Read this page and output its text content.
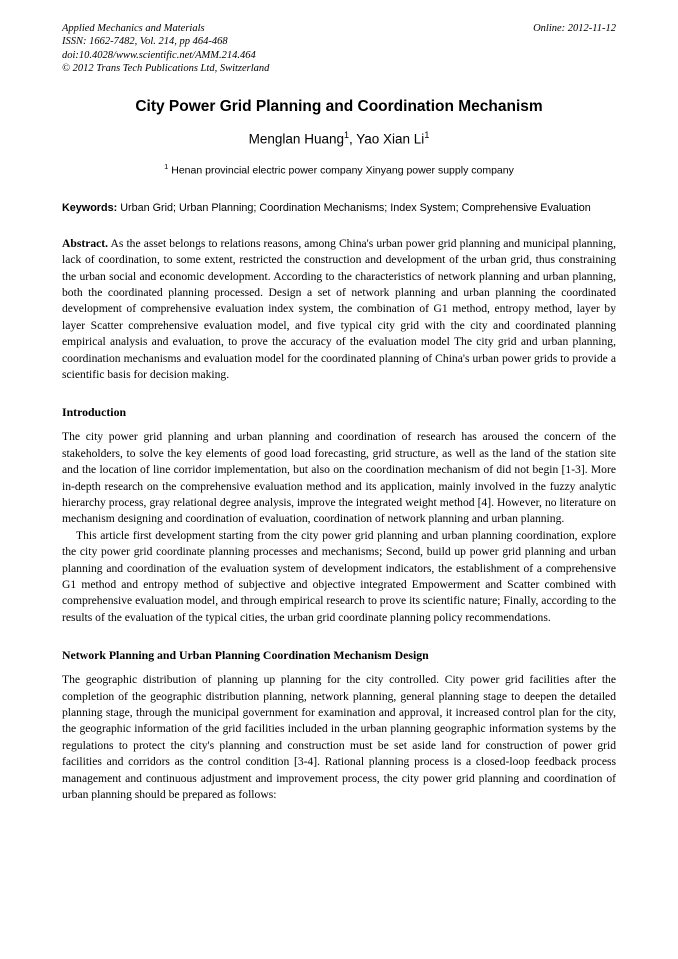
Applied Mechanics and Materials
ISSN: 1662-7482, Vol. 214, pp 464-468
doi:10.4028/www.scientific.net/AMM.214.464
© 2012 Trans Tech Publications Ltd, Switzerland
Online: 2012-11-12
City Power Grid Planning and Coordination Mechanism
Menglan Huang$^1$, Yao Xian Li$^1$
$^1$ Henan provincial electric power company Xinyang power supply company
Keywords: Urban Grid; Urban Planning; Coordination Mechanisms; Index System; Comprehensive Evaluation
Abstract. As the asset belongs to relations reasons, among China's urban power grid planning and municipal planning, lack of coordination, to some extent, restricted the construction and development of the urban grid, thus constraining the urban social and economic development. According to the characteristics of network planning and urban planning, both the coordinated planning processed. Design a set of network planning and urban planning the coordinated development of comprehensive evaluation index system, the combination of G1 method, entropy method, layer by layer Scatter comprehensive evaluation model, and five typical city grid with the city and coordinated planning empirical analysis and evaluation, to prove the accuracy of the evaluation model The city grid and urban planning, coordination mechanisms and evaluation model for the coordinated planning of China's urban power grids to provide a scientific basis for decision making.
Introduction
The city power grid planning and urban planning and coordination of research has aroused the concern of the stakeholders, to solve the key elements of good load forecasting, grid structure, as well as the land of the station site and the location of line corridor implementation, but also on the coordination mechanism of did not begin [1-3]. More in-depth research on the comprehensive evaluation method and its application, mainly involved in the fuzzy analytic hierarchy process, gray relational degree analysis, improve the integrated weight method [4]. However, no literature on mechanism designing and coordination of evaluation, coordination of network planning and urban planning.
This article first development starting from the city power grid planning and urban planning coordination, explore the city power grid coordinate planning processes and mechanisms; Second, build up power grid planning and urban planning and coordination of the evaluation system of development indicators, the establishment of a comprehensive G1 method and entropy method of subjective and objective integrated Empowerment and Scatter combined with comprehensive evaluation model, and through empirical research to prove its scientific nature; Finally, according to the results of the evaluation of the typical cities, the urban grid coordinate planning policy recommendations.
Network Planning and Urban Planning Coordination Mechanism Design
The geographic distribution of planning up planning for the city controlled. City power grid facilities after the completion of the geographic distribution planning, network planning, general planning stage to deepen the detailed planning stage, through the municipal government for examination and approval, it increased control plan for the city, the geographic information of the grid facilities included in the urban planning geographic information systems by the regulations to protect the city's planning and construction must be set aside land for construction of power grid facilities and corridors as the control condition [3-4]. Rational planning process is a closed-loop feedback process management and continuous adjustment and improvement process, the city power grid planning and coordination of urban planning should be prepared as follows:
